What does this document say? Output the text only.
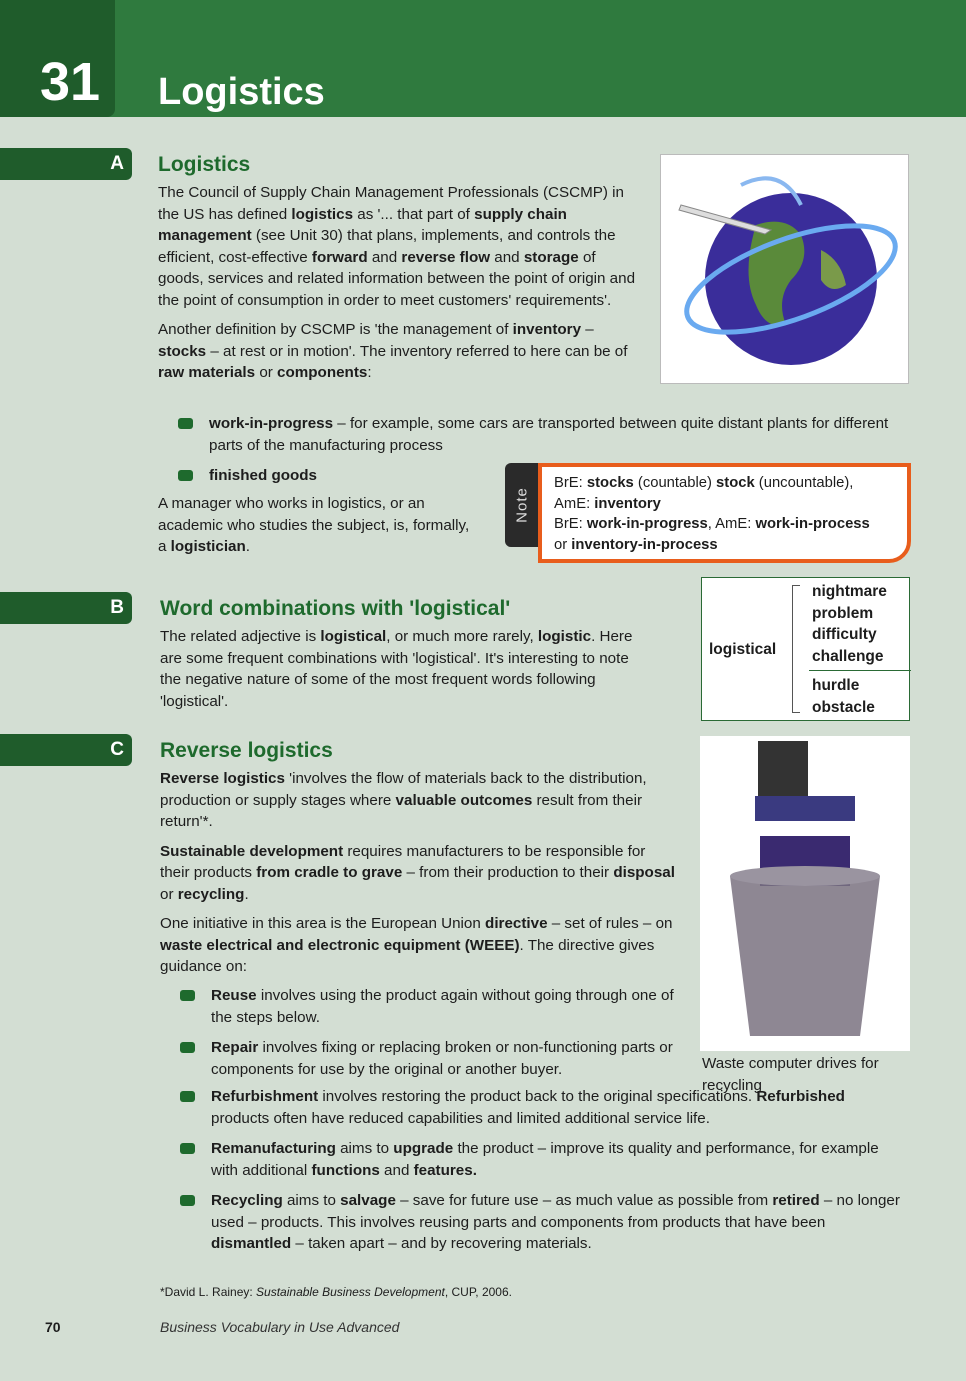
31 Logistics
A	Logistics

The Council of Supply Chain Management Professionals (CSCMP) in the US has defined logistics as '... that part of supply chain management (see Unit 30) that plans, implements, and controls the efficient, cost-effective forward and reverse flow and storage of goods, services and related information between the point of origin and the point of consumption in order to meet customers' requirements'.

Another definition by CSCMP is 'the management of inventory – stocks – at rest or in motion'. The inventory referred to here can be of raw materials or components:

work-in-progress – for example, some cars are transported between quite distant plants for different parts of the manufacturing process
finished goods

A manager who works in logistics, or an academic who studies the subject, is, formally, a logistician.

Note
BrE: stocks (countable) stock (uncountable),
AmE: inventory
BrE: work-in-progress, AmE: work-in-process
or inventory-in-process
B	Word combinations with 'logistical'

The related adjective is logistical, or much more rarely, logistic. Here are some frequent combinations with 'logistical'. It's interesting to note the negative nature of some of the most frequent words following 'logistical'.

logistical
nightmare
problem
difficulty
challenge
hurdle
obstacle
C	Reverse logistics

Reverse logistics 'involves the flow of materials back to the distribution, production or supply stages where valuable outcomes result from their return'*.

Sustainable development requires manufacturers to be responsible for their products from cradle to grave – from their production to their disposal or recycling.

One initiative in this area is the European Union directive – set of rules – on waste electrical and electronic equipment (WEEE). The directive gives guidance on:

Reuse involves using the product again without going through one of the steps below.
Repair involves fixing or replacing broken or non-functioning parts or components for use by the original or another buyer.
Refurbishment involves restoring the product back to the original specifications. Refurbished products often have reduced capabilities and limited additional service life.
Remanufacturing aims to upgrade the product – improve its quality and performance, for example with additional functions and features.
Recycling aims to salvage – save for future use – as much value as possible from retired – no longer used – products. This involves reusing parts and components from products that have been dismantled – taken apart – and by recovering materials.
Waste computer drives for recycling
*David L. Rainey: Sustainable Business Development, CUP, 2006.
70	Business Vocabulary in Use Advanced
